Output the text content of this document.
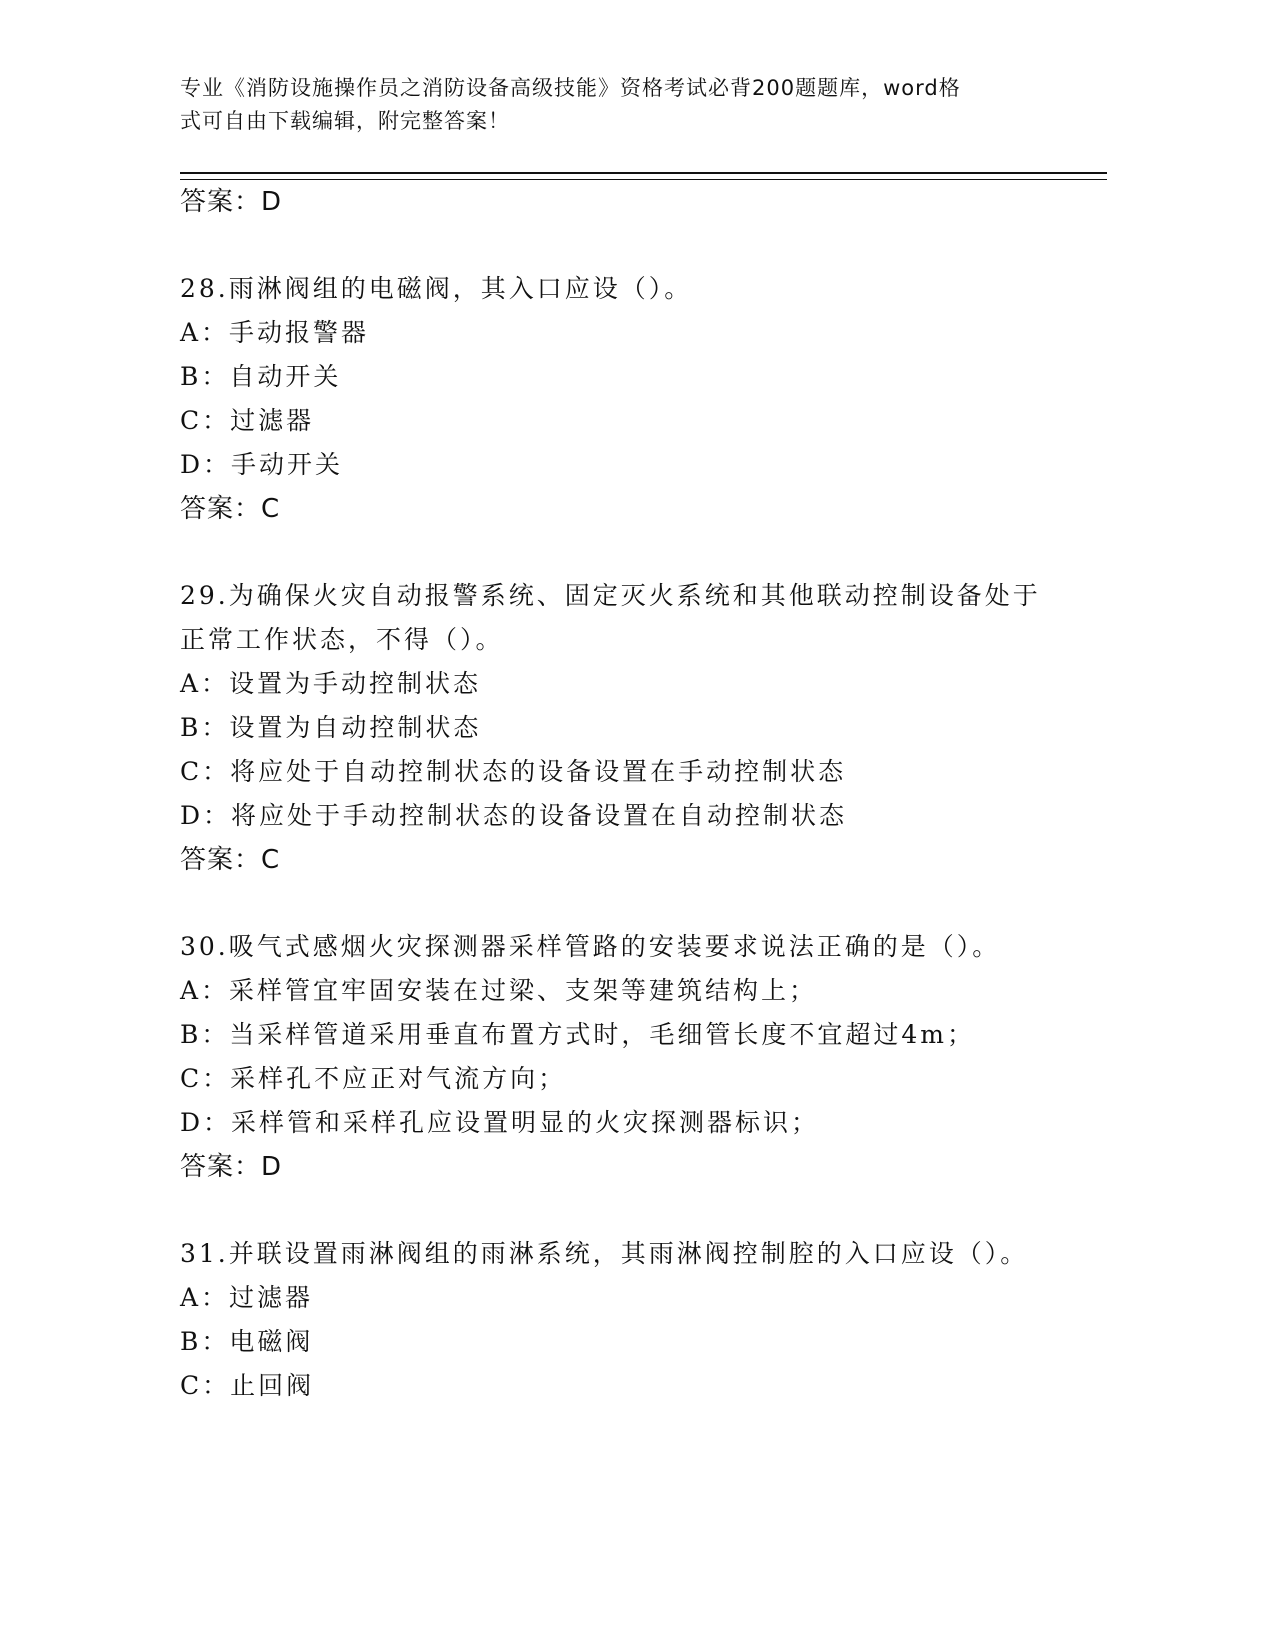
专业《消防设施操作员之消防设备高级技能》资格考试必背200题题库，word格
式可自由下载编辑，附完整答案！
答案：D
28.雨淋阀组的电磁阀，其入口应设（）。
A：手动报警器
B：自动开关
C：过滤器
D：手动开关
答案：C
29.为确保火灾自动报警系统、固定灭火系统和其他联动控制设备处于
正常工作状态，不得（）。
A：设置为手动控制状态
B：设置为自动控制状态
C：将应处于自动控制状态的设备设置在手动控制状态
D：将应处于手动控制状态的设备设置在自动控制状态
答案：C
30.吸气式感烟火灾探测器采样管路的安装要求说法正确的是（）。
A：采样管宜牢固安装在过梁、支架等建筑结构上；
B：当采样管道采用垂直布置方式时，毛细管长度不宜超过4m；
C：采样孔不应正对气流方向；
D：采样管和采样孔应设置明显的火灾探测器标识；
答案：D
31.并联设置雨淋阀组的雨淋系统，其雨淋阀控制腔的入口应设（）。
A：过滤器
B：电磁阀
C：止回阀
